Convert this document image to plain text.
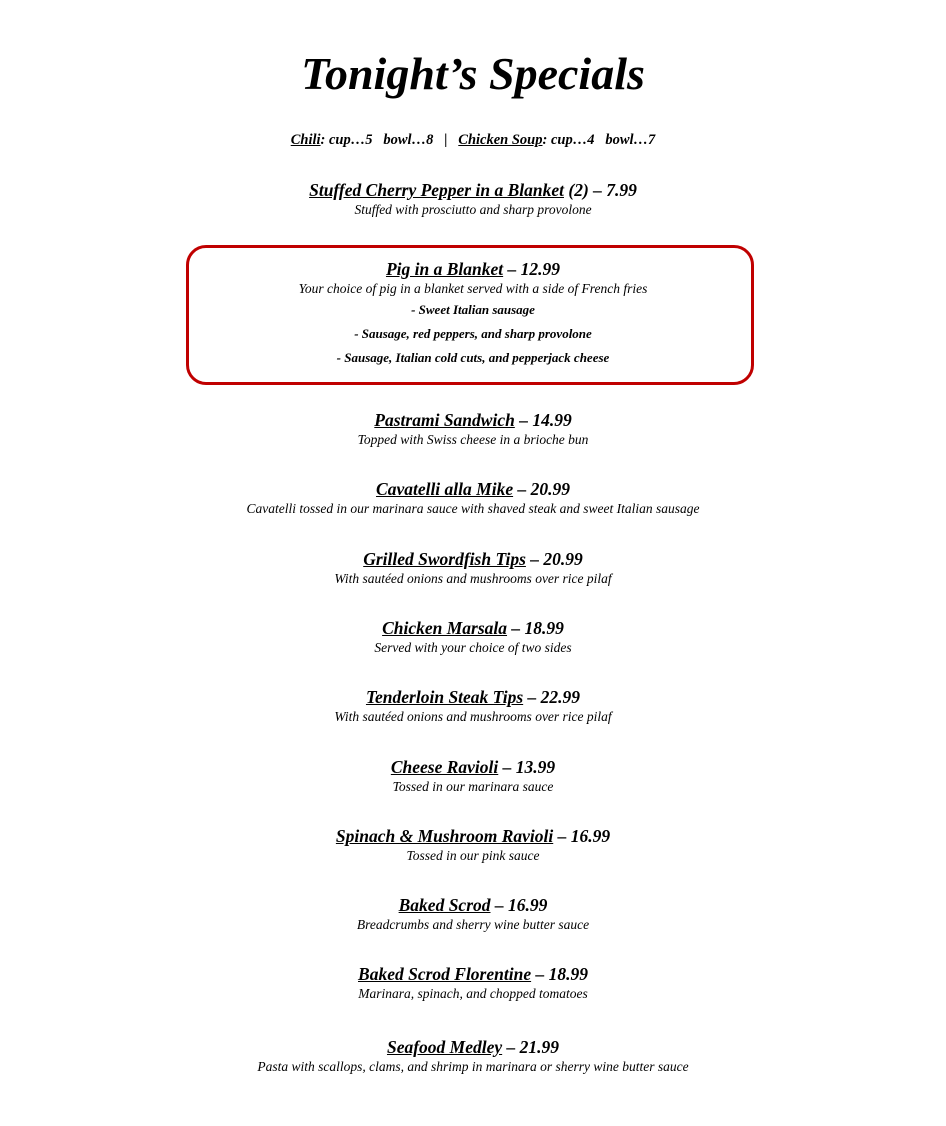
Tonight’s Specials
Chili: cup…5   bowl…8   |   Chicken Soup: cup…4   bowl…7
Stuffed Cherry Pepper in a Blanket (2) – 7.99
Stuffed with prosciutto and sharp provolone
Pig in a Blanket – 12.99
Your choice of pig in a blanket served with a side of French fries
- Sweet Italian sausage
- Sausage, red peppers, and sharp provolone
- Sausage, Italian cold cuts, and pepperjack cheese
Pastrami Sandwich – 14.99
Topped with Swiss cheese in a brioche bun
Cavatelli alla Mike – 20.99
Cavatelli tossed in our marinara sauce with shaved steak and sweet Italian sausage
Grilled Swordfish Tips – 20.99
With sautéed onions and mushrooms over rice pilaf
Chicken Marsala – 18.99
Served with your choice of two sides
Tenderloin Steak Tips – 22.99
With sautéed onions and mushrooms over rice pilaf
Cheese Ravioli – 13.99
Tossed in our marinara sauce
Spinach & Mushroom Ravioli – 16.99
Tossed in our pink sauce
Baked Scrod – 16.99
Breadcrumbs and sherry wine butter sauce
Baked Scrod Florentine – 18.99
Marinara, spinach, and chopped tomatoes
Seafood Medley – 21.99
Pasta with scallops, clams, and shrimp in marinara or sherry wine butter sauce
